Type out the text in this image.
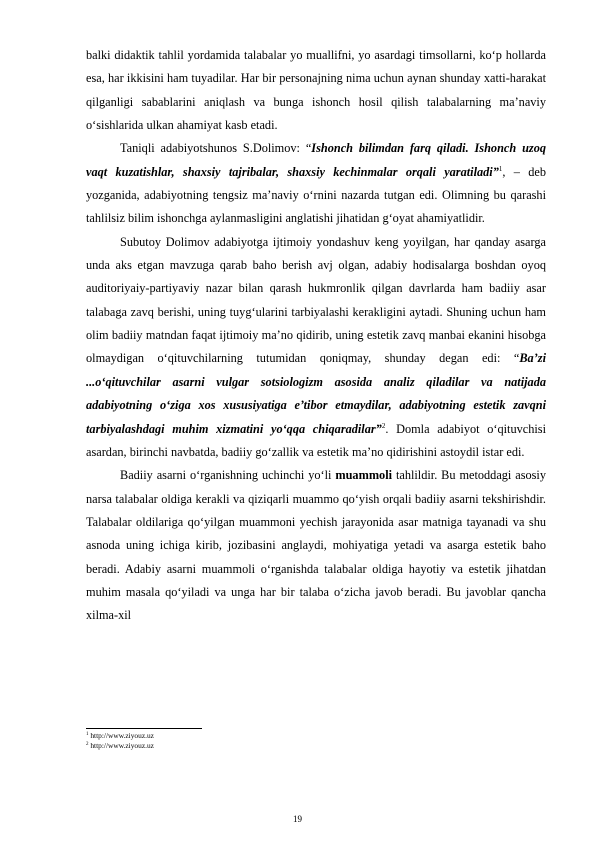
balki didaktik tahlil yordamida talabalar yo muallifni, yo asardagi timsollarni, ko‘p hollarda esa, har ikkisini ham tuyadilar. Har bir personajning nima uchun aynan shunday xatti-harakat qilganligi sabablarini aniqlash va bunga ishonch hosil qilish talabalarning ma’naviy o‘sishlarida ulkan ahamiyat kasb etadi.

Taniqli adabiyotshunos S.Dolimov: “Ishonch bilimdan farq qiladi. Ishonch uzoq vaqt kuzatishlar, shaxsiy tajribalar, shaxsiy kechinmalar orqali yaratiladi”$^1$, – deb yozganida, adabiyotning tengsiz ma’naviy o‘rnini nazarda tutgan edi. Olimning bu qarashi tahlilsiz bilim ishonchga aylanmasligini anglatishi jihatidan g‘oyat ahamiyatlidir.

Subutoy Dolimov adabiyotga ijtimoiy yondashuv keng yoyilgan, har qanday asarga unda aks etgan mavzuga qarab baho berish avj olgan, adabiy hodisalarga boshdan oyoq auditoriyaiy-partiyaviy nazar bilan qarash hukmronlik qilgan davrlarda ham badiiy asar talabaga zavq berishi, uning tuyg‘ularini tarbiyalashi kerakligini aytadi. Shuning uchun ham olim badiiy matndan faqat ijtimoiy ma’no qidirib, uning estetik zavq manbai ekanini hisobga olmaydigan o‘qituvchilarning tutumidan qoniqmay, shunday degan edi: “Ba’zi ...o‘qituvchilar asarni vulgar sotsiologizm asosida analiz qiladilar va natijada adabiyotning o‘ziga xos xususiyatiga e’tibor etmaydilar, adabiyotning estetik zavqni tarbiyalashdagi muhim xizmatini yo‘qqa chiqaradilar”$^2$. Domla adabiyot o‘qituvchisi asardan, birinchi navbatda, badiiy go‘zallik va estetik ma’no qidirishini astoydil istar edi.

Badiiy asarni o‘rganishning uchinchi yo‘li muammoli tahlildir. Bu metoddagi asosiy narsa talabalar oldiga kerakli va qiziqarli muammo qo‘yish orqali badiiy asarni tekshirishdir. Talabalar oldilariga qo‘yilgan muammoni yechish jarayonida asar matniga tayanadi va shu asnoda uning ichiga kirib, jozibasini anglaydi, mohiyatiga yetadi va asarga estetik baho beradi. Adabiy asarni muammoli o‘rganishda talabalar oldiga hayotiy va estetik jihatdan muhim masala qo‘yiladi va unga har bir talaba o‘zicha javob beradi. Bu javoblar qancha xilma-xil

$^1$ http://www.ziyouz.uz
$^2$ http://www.ziyouz.uz
19
